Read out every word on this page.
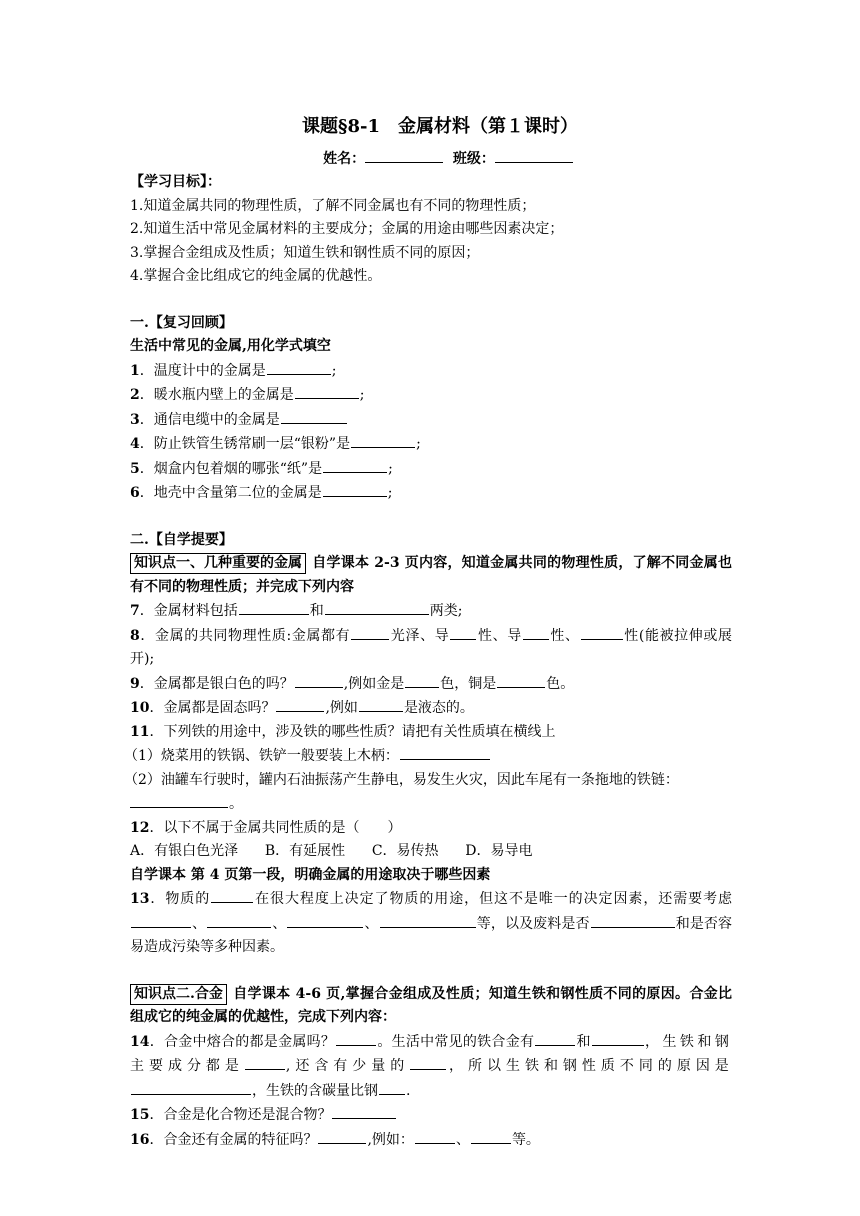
课题§8-1　金属材料（第１课时）
姓名：	班级：
【学习目标】：
1.知道金属共同的物理性质，了解不同金属也有不同的物理性质；
2.知道生活中常见金属材料的主要成分；金属的用途由哪些因素决定；
3.掌握合金组成及性质；知道生铁和钢性质不同的原因；
4.掌握合金比组成它的纯金属的优越性。
一.【复习回顾】
生活中常见的金属,用化学式填空
1．温度计中的金属是	;
2．暖水瓶内壁上的金属是	;
3．通信电缆中的金属是
4．防止铁管生锈常刷一层“银粉”是	;
5．烟盒内包着烟的哪张“纸”是	;
6．地壳中含量第二位的金属是	;
二.【自学提要】
知识点一、几种重要的金属 自学课本 2-3 页内容，知道金属共同的物理性质，了解不同金属也有不同的物理性质；并完成下列内容
7．金属材料包括	和	两类;
8．金属的共同物理性质:金属都有	光泽、导 性、导 性、	性(能被拉伸或展开);
9．金属都是银白色的吗？	,例如金是	色，铜是	色。
10．金属都是固态吗？	,例如	是液态的。
11．下列铁的用途中，涉及铁的哪些性质？请把有关性质填在横线上
（1）烧菜用的铁锅、铁铲一般要装上木柄：
（2）油罐车行驶时，罐内石油振荡产生静电，易发生火灾，因此车尾有一条拖地的铁链：
。
12．以下不属于金属共同性质的是（　　）
A．有银白色光泽 B．有延展性 C．易传热 D．易导电
自学课本 第 4 页第一段，明确金属的用途取决于哪些因素
13．物质的	在很大程度上决定了物质的用途，但这不是唯一的决定因素，还需要考虑、	、	、	等，以及废料是否	和是否容易造成污染等多种因素。
知识点二.合金 自学课本 4-6 页,掌握合金组成及性质；知道生铁和钢性质不同的原因。合金比组成它的纯金属的优越性，完成下列内容：
14．合金中熔合的都是金属吗？	。生活中常见的铁合金有	和	，生铁和钢主要成分都是	,还含有少量的	，所以生铁和钢性质不同的原因是，生铁的含碳量比钢 .
15．合金是化合物还是混合物？
16．合金还有金属的特征吗？	,例如：	、	等。
